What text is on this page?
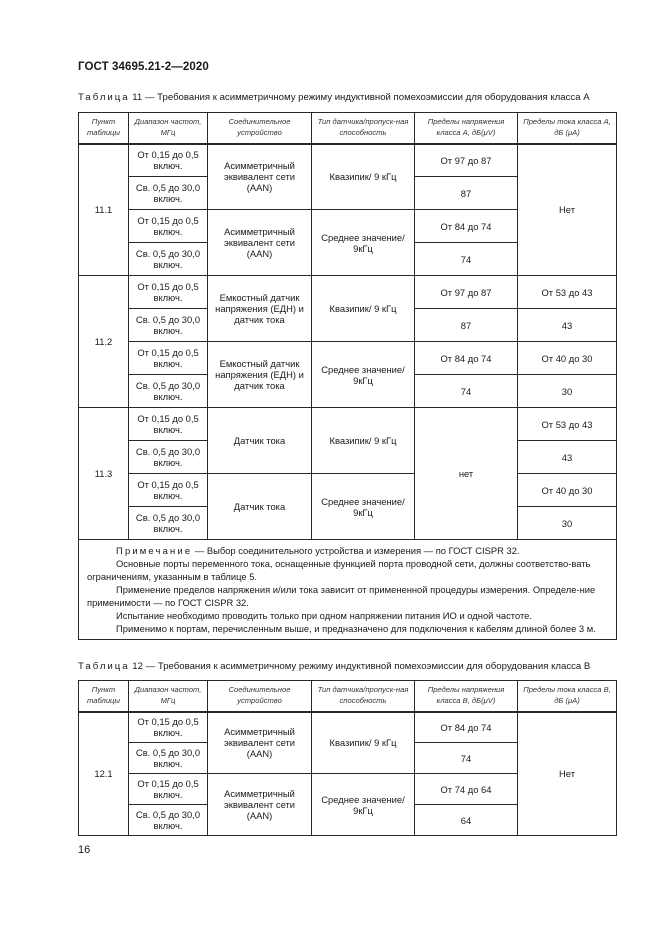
ГОСТ 34695.21-2—2020
Таблица 11 — Требования к асимметричному режиму индуктивной помехоэмиссии для оборудования класса А
Пункт таблицы	Диапазон частот, МГц	Соединительное устройство	Тип датчика/пропуск-ная способность	Пределы напряжения класса А, дБ(μV)	Пределы тока класса А, дБ (μA)
11.1	От 0,15 до 0,5 включ.	Асимметричный эквивалент сети (AAN)	Квазипик/ 9 кГц	От 97 до 87	Нет
	Св. 0,5 до 30,0 включ.			87	
	От 0,15 до 0,5 включ.	Асимметричный эквивалент сети (AAN)	Среднее значение/ 9кГц	От 84 до 74	
	Св. 0,5 до 30,0 включ.			74	
11.2	От 0,15 до 0,5 включ.	Емкостный датчик напряжения (ЕДН) и датчик тока	Квазипик/ 9 кГц	От 97 до 87	От 53 до 43
	Св. 0,5 до 30,0 включ.			87	43
	От 0,15 до 0,5 включ.	Емкостный датчик напряжения (ЕДН) и датчик тока	Среднее значение/ 9кГц	От 84 до 74	От 40 до 30
	Св. 0,5 до 30,0 включ.			74	30
11.3	От 0,15 до 0,5 включ.	Датчик тока	Квазипик/ 9 кГц	нет	От 53 до 43
	Св. 0,5 до 30,0 включ.				43
	От 0,15 до 0,5 включ.	Датчик тока	Среднее значение/ 9кГц		От 40 до 30
	Св. 0,5 до 30,0 включ.				30

Примечание — Выбор соединительного устройства и измерения — по ГОСТ CISPR 32.

Основные порты переменного тока, оснащенные функцией порта проводной сети, должны соответство-вать ограничениям, указанным в таблице 5.

Применение пределов напряжения и/или тока зависит от примененной процедуры измерения. Определе-ние применимости — по ГОСТ CISPR 32.

Испытание необходимо проводить только при одном напряжении питания ИО и одной частоте.

Применимо к портам, перечисленным выше, и предназначено для подключения к кабелям длиной более 3 м.					

Таблица 12 — Требования к асимметричному режиму индуктивной помехоэмиссии для оборудования класса В
Пункт таблицы	Диапазон частот, МГц	Соединительное устройство	Тип датчика/пропуск-ная способность	Пределы напряжения класса В, дБ(μV)	Пределы тока класса В, дБ (μA)
12.1	От 0,15 до 0,5 включ.	Асимметричный эквивалент сети (AAN)	Квазипик/ 9 кГц	От 84 до 74	Нет
	Св. 0,5 до 30,0 включ.			74	
	От 0,15 до 0,5 включ.	Асимметричный эквивалент сети (AAN)	Среднее значение/ 9кГц	От 74 до 64	
	Св. 0,5 до 30,0 включ.			64	
16
